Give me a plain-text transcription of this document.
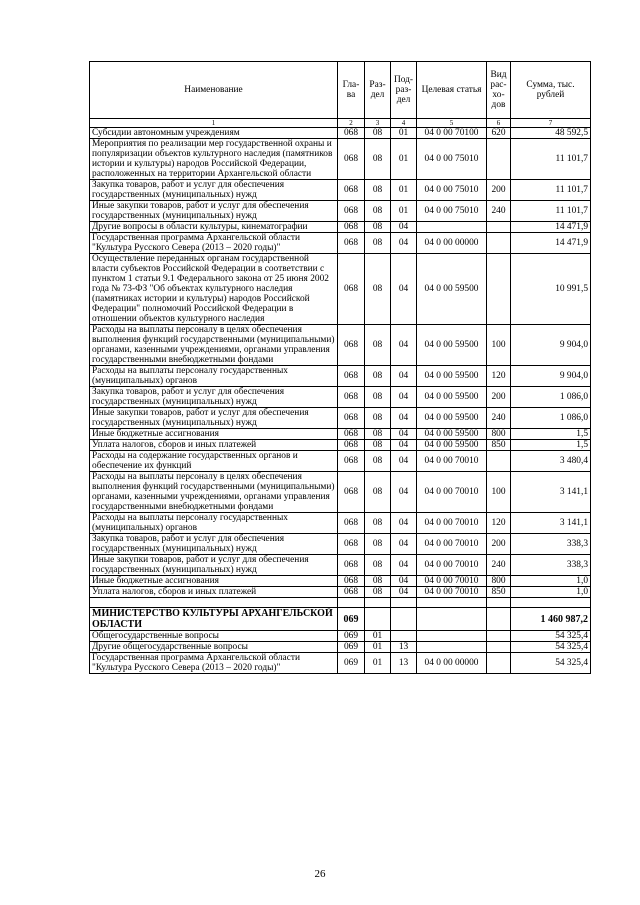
Наименование	Гла-ва	Раз-дел	Под-раз-дел	Целевая статья	Вид рас-хо-дов	Сумма, тыс. рублей
1	2	3	4	5	6	7
Субсидии автономным учреждениям	068	08	01	04 0 00 70100	620	48 592,5
Мероприятия по реализации мер государственной охраны и популяризации объектов культурного наследия (памятников истории и культуры) народов Российской Федерации, расположенных на территории Архангельской области	068	08	01	04 0 00 75010		11 101,7
Закупка товаров, работ и услуг для обеспечения государственных (муниципальных) нужд	068	08	01	04 0 00 75010	200	11 101,7
Иные закупки товаров, работ и услуг для обеспечения государственных (муниципальных) нужд	068	08	01	04 0 00 75010	240	11 101,7
Другие вопросы в области культуры, кинематографии	068	08	04			14 471,9
Государственная программа Архангельской области "Культура Русского Севера (2013 – 2020 годы)"	068	08	04	04 0 00 00000		14 471,9
Осуществление переданных органам государственной власти субъектов Российской Федерации в соответствии с пунктом 1 статьи 9.1 Федерального закона от 25 июня 2002 года № 73-ФЗ "Об объектах культурного наследия (памятниках истории и культуры) народов Российской Федерации" полномочий Российской Федерации в отношении объектов культурного наследия	068	08	04	04 0 00 59500		10 991,5
Расходы на выплаты персоналу в целях обеспечения выполнения функций государственными (муниципальными) органами, казенными учреждениями, органами управления государственными внебюджетными фондами	068	08	04	04 0 00 59500	100	9 904,0
Расходы на выплаты персоналу государственных (муниципальных) органов	068	08	04	04 0 00 59500	120	9 904,0
Закупка товаров, работ и услуг для обеспечения государственных (муниципальных) нужд	068	08	04	04 0 00 59500	200	1 086,0
Иные закупки товаров, работ и услуг для обеспечения государственных (муниципальных) нужд	068	08	04	04 0 00 59500	240	1 086,0
Иные бюджетные ассигнования	068	08	04	04 0 00 59500	800	1,5
Уплата налогов, сборов и иных платежей	068	08	04	04 0 00 59500	850	1,5
Расходы на содержание государственных органов и обеспечение их функций	068	08	04	04 0 00 70010		3 480,4
Расходы на выплаты персоналу в целях обеспечения выполнения функций государственными (муниципальными) органами, казенными учреждениями, органами управления государственными внебюджетными фондами	068	08	04	04 0 00 70010	100	3 141,1
Расходы на выплаты персоналу государственных (муниципальных) органов	068	08	04	04 0 00 70010	120	3 141,1
Закупка товаров, работ и услуг для обеспечения государственных (муниципальных) нужд	068	08	04	04 0 00 70010	200	338,3
Иные закупки товаров, работ и услуг для обеспечения государственных (муниципальных) нужд	068	08	04	04 0 00 70010	240	338,3
Иные бюджетные ассигнования	068	08	04	04 0 00 70010	800	1,0
Уплата налогов, сборов и иных платежей	068	08	04	04 0 00 70010	850	1,0

МИНИСТЕРСТВО КУЛЬТУРЫ АРХАНГЕЛЬСКОЙ ОБЛАСТИ	069					1 460 987,2
Общегосударственные вопросы	069	01				54 325,4
Другие общегосударственные вопросы	069	01	13			54 325,4
Государственная программа Архангельской области "Культура Русского Севера (2013 – 2020 годы)"	069	01	13	04 0 00 00000		54 325,4
26
